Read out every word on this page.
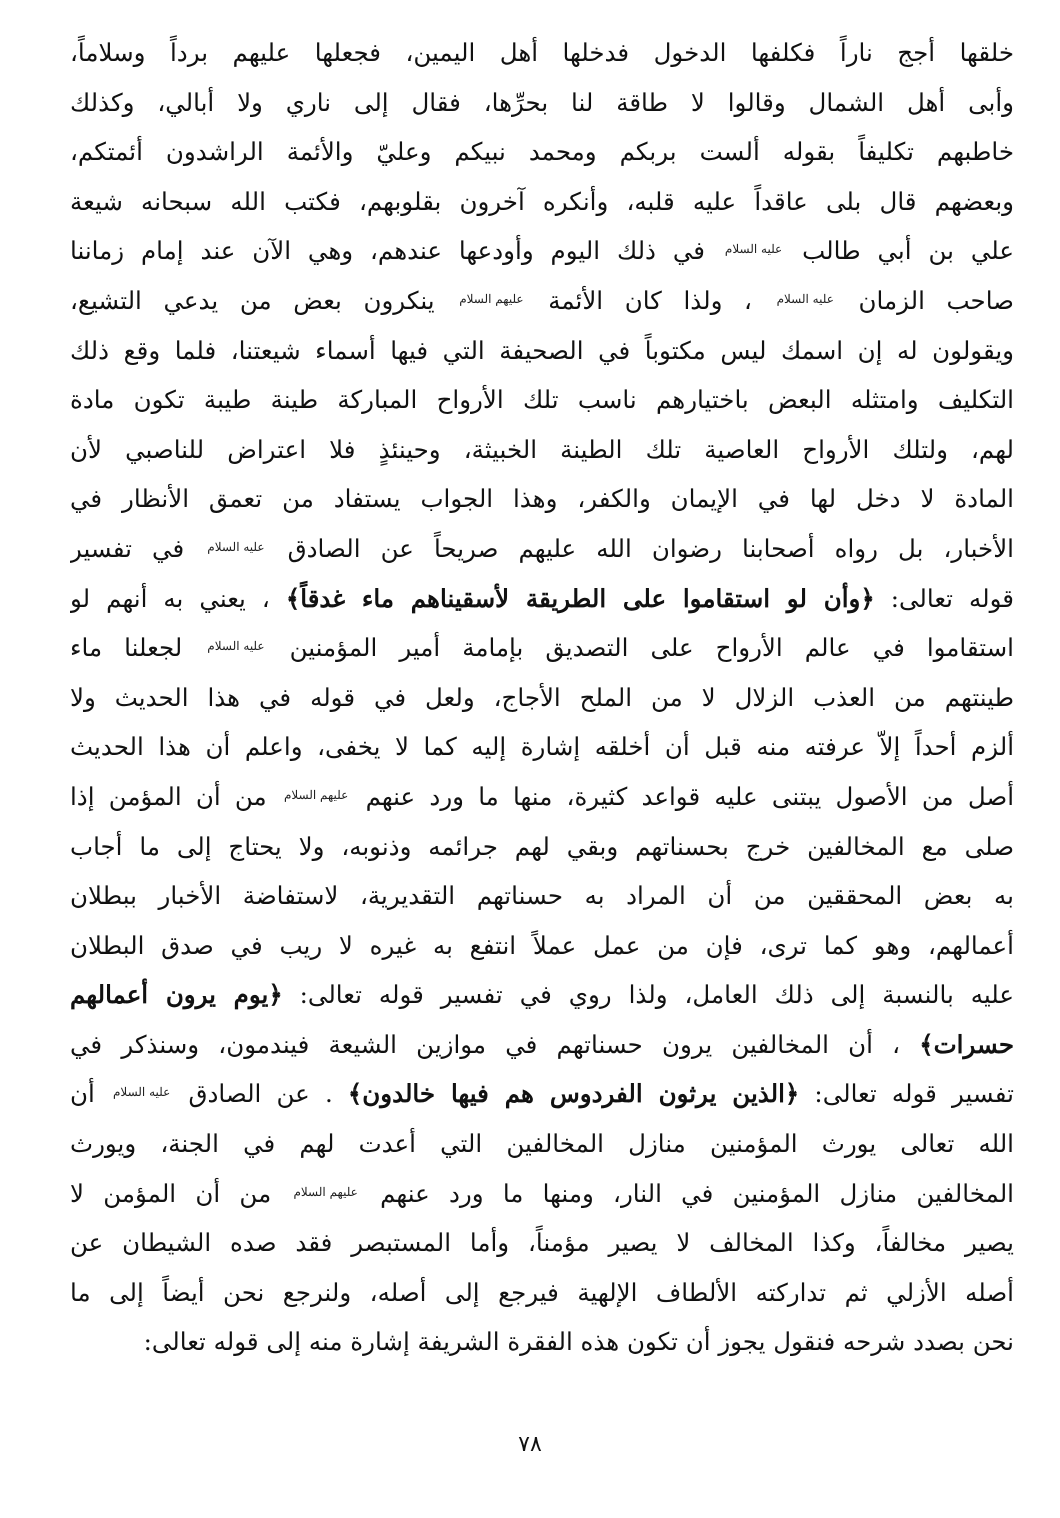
خلقها أجج ناراً فكلفها الدخول فدخلها أهل اليمين، فجعلها عليهم برداً وسلاماً،
وأبى أهل الشمال وقالوا لا طاقة لنا بحرِّها، فقال إلى ناري ولا أبالي، وكذلك
خاطبهم تكليفاً بقوله ألست بربكم ومحمد نبيكم وعليّ والأئمة الراشدون أئمتكم،
وبعضهم قال بلى عاقداً عليه قلبه، وأنكره آخرون بقلوبهم، فكتب الله سبحانه شيعة
علي بن أبي طالب عليه السلام في ذلك اليوم وأودعها عندهم، وهي الآن عند إمام زماننا
صاحب الزمان عليه السلام ، ولذا كان الأئمة عليهم السلام ينكرون بعض من يدعي التشيع،
ويقولون له إن اسمك ليس مكتوباً في الصحيفة التي فيها أسماء شيعتنا، فلما وقع ذلك
التكليف وامتثله البعض باختيارهم ناسب تلك الأرواح المباركة طينة طيبة تكون مادة
لهم، ولتلك الأرواح العاصية تلك الطينة الخبيثة، وحينئذٍ فلا اعتراض للناصبي لأن
المادة لا دخل لها في الإيمان والكفر، وهذا الجواب يستفاد من تعمق الأنظار في
الأخبار، بل رواه أصحابنا رضوان الله عليهم صريحاً عن الصادق عليه السلام في تفسير
قوله تعالى: ﴿وأن لو استقاموا على الطريقة لأسقيناهم ماء غدقاً﴾ ، يعني به أنهم لو
استقاموا في عالم الأرواح على التصديق بإمامة أمير المؤمنين عليه السلام لجعلنا ماء
طينتهم من العذب الزلال لا من الملح الأجاج، ولعل في قوله في هذا الحديث ولا
ألزم أحداً إلاّ عرفته منه قبل أن أخلقه إشارة إليه كما لا يخفى، واعلم أن هذا الحديث
أصل من الأصول يبتنى عليه قواعد كثيرة، منها ما ورد عنهم عليهم السلام من أن المؤمن إذا
صلى مع المخالفين خرج بحسناتهم وبقي لهم جرائمه وذنوبه، ولا يحتاج إلى ما أجاب
به بعض المحققين من أن المراد به حسناتهم التقديرية، لاستفاضة الأخبار ببطلان
أعمالهم، وهو كما ترى، فإن من عمل عملاً انتفع به غيره لا ريب في صدق البطلان
عليه بالنسبة إلى ذلك العامل، ولذا روي في تفسير قوله تعالى: ﴿يوم يرون أعمالهم
حسرات﴾ ، أن المخالفين يرون حسناتهم في موازين الشيعة فيندمون، وسنذكر في
تفسير قوله تعالى: ﴿الذين يرثون الفردوس هم فيها خالدون﴾ . عن الصادق عليه السلام أن
الله تعالى يورث المؤمنين منازل المخالفين التي أعدت لهم في الجنة، ويورث
المخالفين منازل المؤمنين في النار، ومنها ما ورد عنهم عليهم السلام من أن المؤمن لا
يصير مخالفاً، وكذا المخالف لا يصير مؤمناً، وأما المستبصر فقد صده الشيطان عن
أصله الأزلي ثم تداركته الألطاف الإلهية فيرجع إلى أصله، ولنرجع نحن أيضاً إلى ما
نحن بصدد شرحه فنقول يجوز أن تكون هذه الفقرة الشريفة إشارة منه إلى قوله تعالى:
٧٨
